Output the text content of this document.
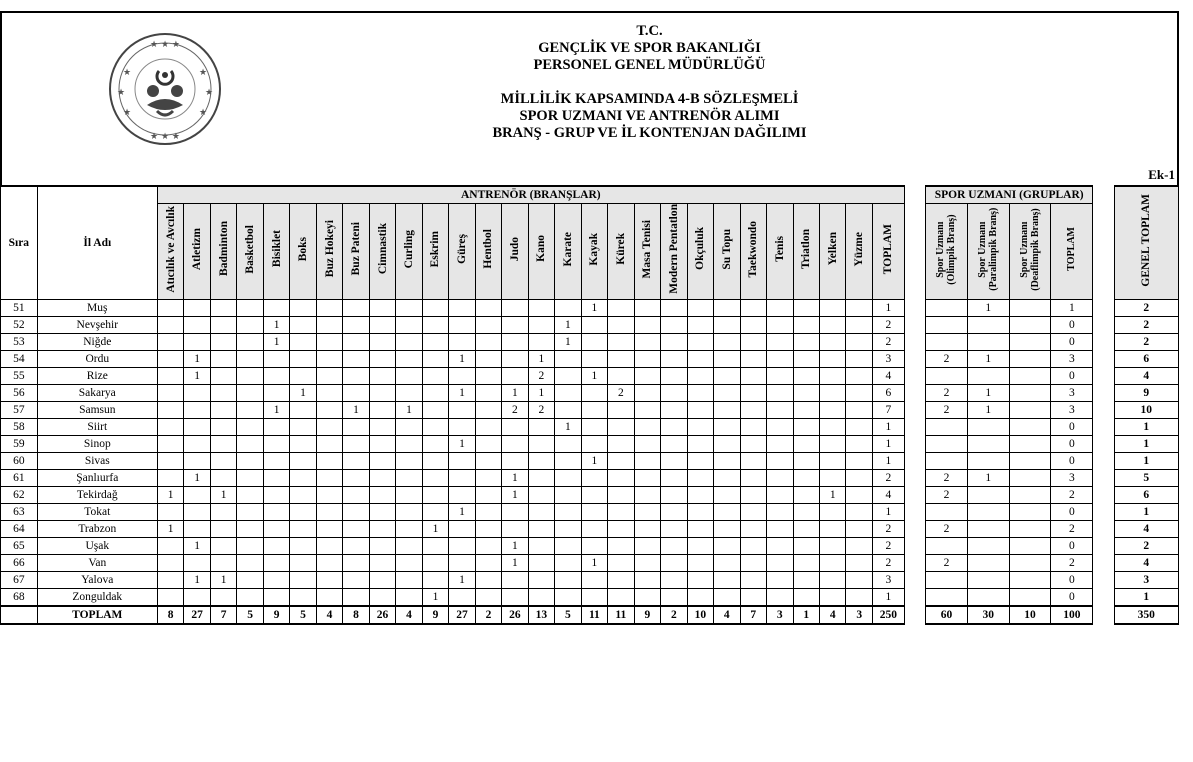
★ ★ ★
★	★
★	★
★	★
★ ★ ★
T.C.
GENÇLİK VE SPOR BAKANLIĞI
PERSONEL GENEL MÜDÜRLÜĞÜ
MİLLİLİK KAPSAMINDA 4-B SÖZLEŞMELİ
SPOR UZMANI VE ANTRENÖR ALIMI
BRANŞ - GRUP VE İL KONTENJAN DAĞILIMI
Ek-1
Sıra	İl Adı	ANTRENÖR (BRANŞLAR)																													SPOR UZMANI (GRUPLAR)					GENEL TOPLAM
		Atıcılık ve Avcılık	Atletizm	Badminton	Basketbol	Bisiklet	Boks	Buz Hokeyi	Buz Pateni	Cimnastik	Curling	Eskrim	Güreş	Hentbol	Judo	Kano	Karate	Kayak	Kürek	Masa Tenisi	Modern Pentatlon	Okçuluk	Su Topu	Taekwondo	Tenis	Triatlon	Yelken	Yüzme	TOPLAM		Spor Uzmanı (Olimpik Branş)	Spor Uzmanı (Paralimpik Branş)	Spor Uzmanı (Deaflimpik Branş)	TOPLAM		
51	Muş																	1											1			1		1		2
52	Nevşehir					1											1												2					0		2
53	Niğde					1											1												2					0		2
54	Ordu		1										1			1													3		2	1		3		6
55	Rize		1													2		1											4					0		4
56	Sakarya						1						1		1	1			2										6		2	1		3		9
57	Samsun					1			1		1				2	2													7		2	1		3		10
58	Siirt																1												1					0		1
59	Sinop												1																1					0		1
60	Sivas																	1											1					0		1
61	Şanlıurfa		1												1														2		2	1		3		5
62	Tekirdağ	1		1											1												1		4		2			2		6
63	Tokat												1																1					0		1
64	Trabzon	1										1																	2		2			2		4
65	Uşak		1												1														2					0		2
66	Van														1			1											2		2			2		4
67	Yalova		1	1									1																3					0		3
68	Zonguldak											1																	1					0		1
	TOPLAM	8	27	7	5	9	5	4	8	26	4	9	27	2	26	13	5	11	11	9	2	10	4	7	3	1	4	3	250		60	30	10	100		350
